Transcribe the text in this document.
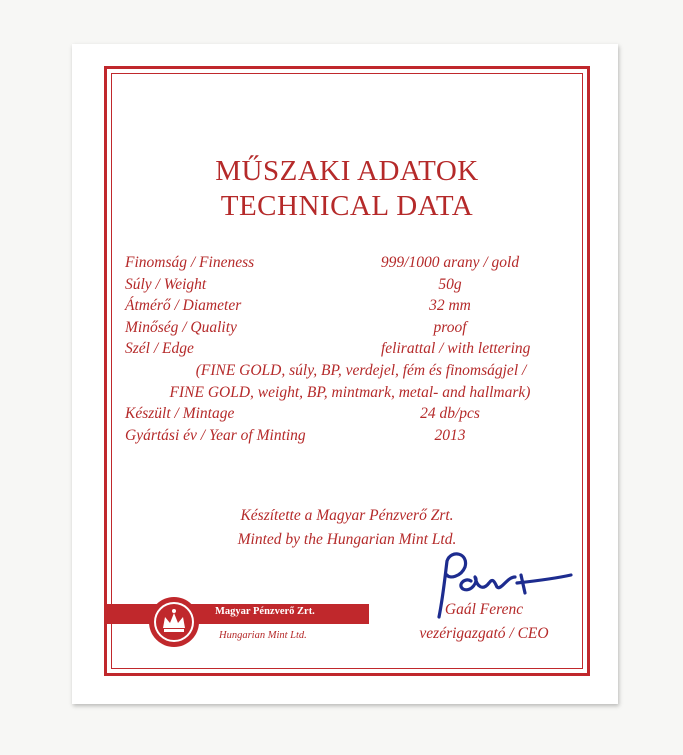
MŰSZAKI ADATOK
TECHNICAL DATA
Finomság / Fineness	999/1000 arany / gold
Súly / Weight	50g
Átmérő / Diameter	32 mm
Minőség / Quality	proof
Szél / Edge	felirattal / with lettering
(FINE GOLD, súly, BP, verdejel, fém és finomságjel /
FINE GOLD, weight, BP, mintmark, metal- and hallmark)
Készült / Mintage	24 db/pcs
Gyártási év / Year of Minting	2013
Készítette a Magyar Pénzverő Zrt.
Minted by the Hungarian Mint Ltd.
Magyar Pénzverő Zrt.
Hungarian Mint Ltd.
Gaál Ferenc
vezérigazgató / CEO
